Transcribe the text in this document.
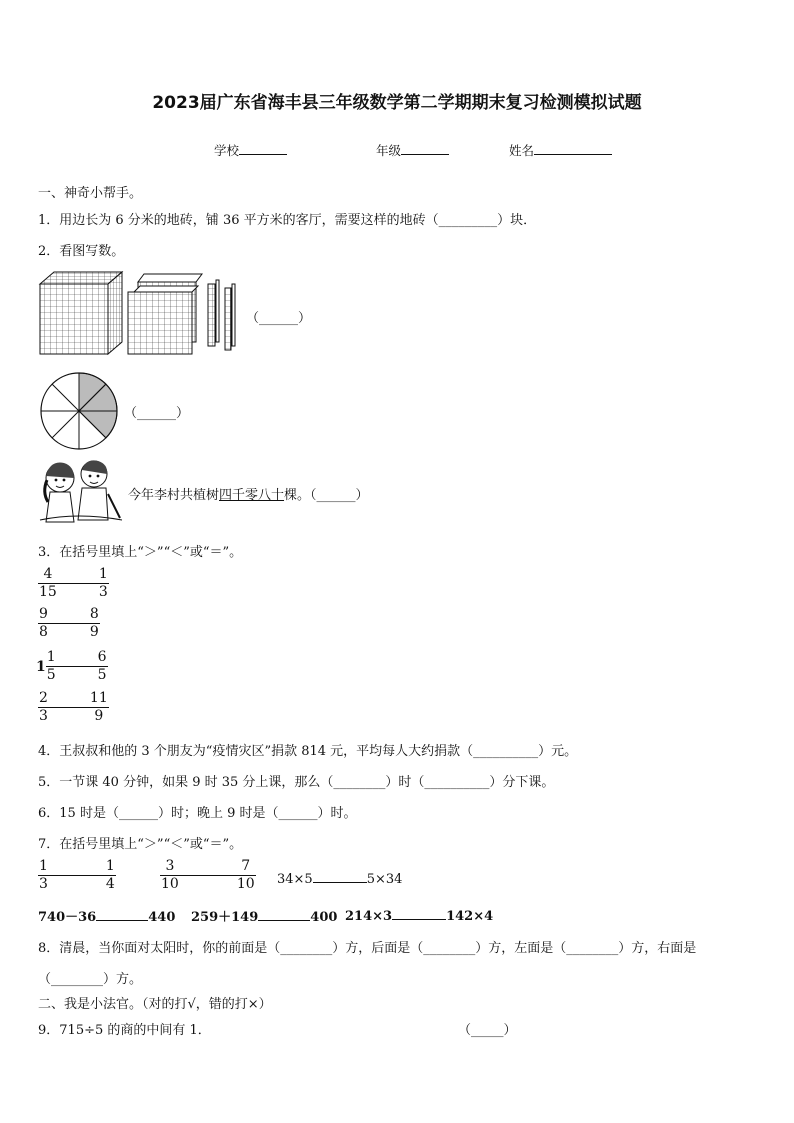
2023届广东省海丰县三年级数学第二学期期末复习检测模拟试题
学校	年级	姓名
一、神奇小帮手。
1．用边长为 6 分米的地砖，铺 36 平方米的客厅，需要这样的地砖（_________）块．
2．看图写数。
（______）
（______）
今年李村共植树四千零八十棵。（______）
3．在括号里填上“＞”“＜”或“＝”。
$\frac{4}{15}$	$\frac{1}{3}$
$\frac{9}{8}$	$\frac{8}{9}$
$1 \frac{1}{5}$	$\frac{6}{5}$
$\frac{2}{3}$	$\frac{11}{9}$
4．王叔叔和他的 3 个朋友为“疫情灾区”捐款 814 元，平均每人大约捐款（__________）元。
5．一节课 40 分钟，如果 9 时 35 分上课，那么（________）时（__________）分下课。
6．15 时是（______）时；晚上 9 时是（______）时。
7．在括号里填上“＞”“＜”或“＝”。
$\frac{1}{3}$	$\frac{1}{4}$	$\frac{3}{10}$	$\frac{7}{10} 34\times 5$	5×34
740－36	440 259＋149	400 214×3	142×4
8．清晨，当你面对太阳时，你的前面是（________）方，后面是（________）方，左面是（________）方，右面是
（________）方。
二、我是小法官。（对的打√，错的打×）
9．715÷5 的商的中间有 1．	（_____）
